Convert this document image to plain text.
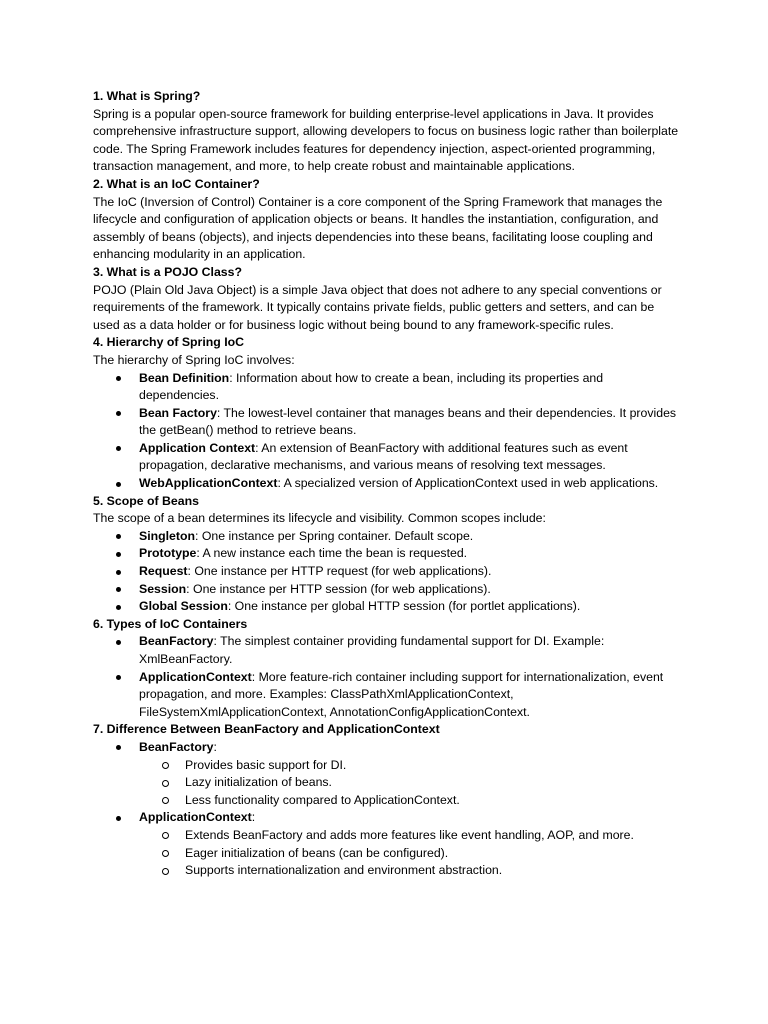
1. What is Spring?

Spring is a popular open-source framework for building enterprise-level applications in Java. It provides comprehensive infrastructure support, allowing developers to focus on business logic rather than boilerplate code. The Spring Framework includes features for dependency injection, aspect-oriented programming, transaction management, and more, to help create robust and maintainable applications.

2. What is an IoC Container?

The IoC (Inversion of Control) Container is a core component of the Spring Framework that manages the lifecycle and configuration of application objects or beans. It handles the instantiation, configuration, and assembly of beans (objects), and injects dependencies into these beans, facilitating loose coupling and enhancing modularity in an application.

3. What is a POJO Class?

POJO (Plain Old Java Object) is a simple Java object that does not adhere to any special conventions or requirements of the framework. It typically contains private fields, public getters and setters, and can be used as a data holder or for business logic without being bound to any framework-specific rules.

4. Hierarchy of Spring IoC

The hierarchy of Spring IoC involves:

Bean Definition: Information about how to create a bean, including its properties and dependencies.
Bean Factory: The lowest-level container that manages beans and their dependencies. It provides the getBean() method to retrieve beans.
Application Context: An extension of BeanFactory with additional features such as event propagation, declarative mechanisms, and various means of resolving text messages.
WebApplicationContext: A specialized version of ApplicationContext used in web applications.

5. Scope of Beans

The scope of a bean determines its lifecycle and visibility. Common scopes include:

Singleton: One instance per Spring container. Default scope.
Prototype: A new instance each time the bean is requested.
Request: One instance per HTTP request (for web applications).
Session: One instance per HTTP session (for web applications).
Global Session: One instance per global HTTP session (for portlet applications).

6. Types of IoC Containers

BeanFactory: The simplest container providing fundamental support for DI. Example: XmlBeanFactory.
ApplicationContext: More feature-rich container including support for internationalization, event propagation, and more. Examples: ClassPathXmlApplicationContext, FileSystemXmlApplicationContext, AnnotationConfigApplicationContext.

7. Difference Between BeanFactory and ApplicationContext

BeanFactory:
Provides basic support for DI.
Lazy initialization of beans.
Less functionality compared to ApplicationContext.
ApplicationContext:
Extends BeanFactory and adds more features like event handling, AOP, and more.
Eager initialization of beans (can be configured).
Supports internationalization and environment abstraction.
